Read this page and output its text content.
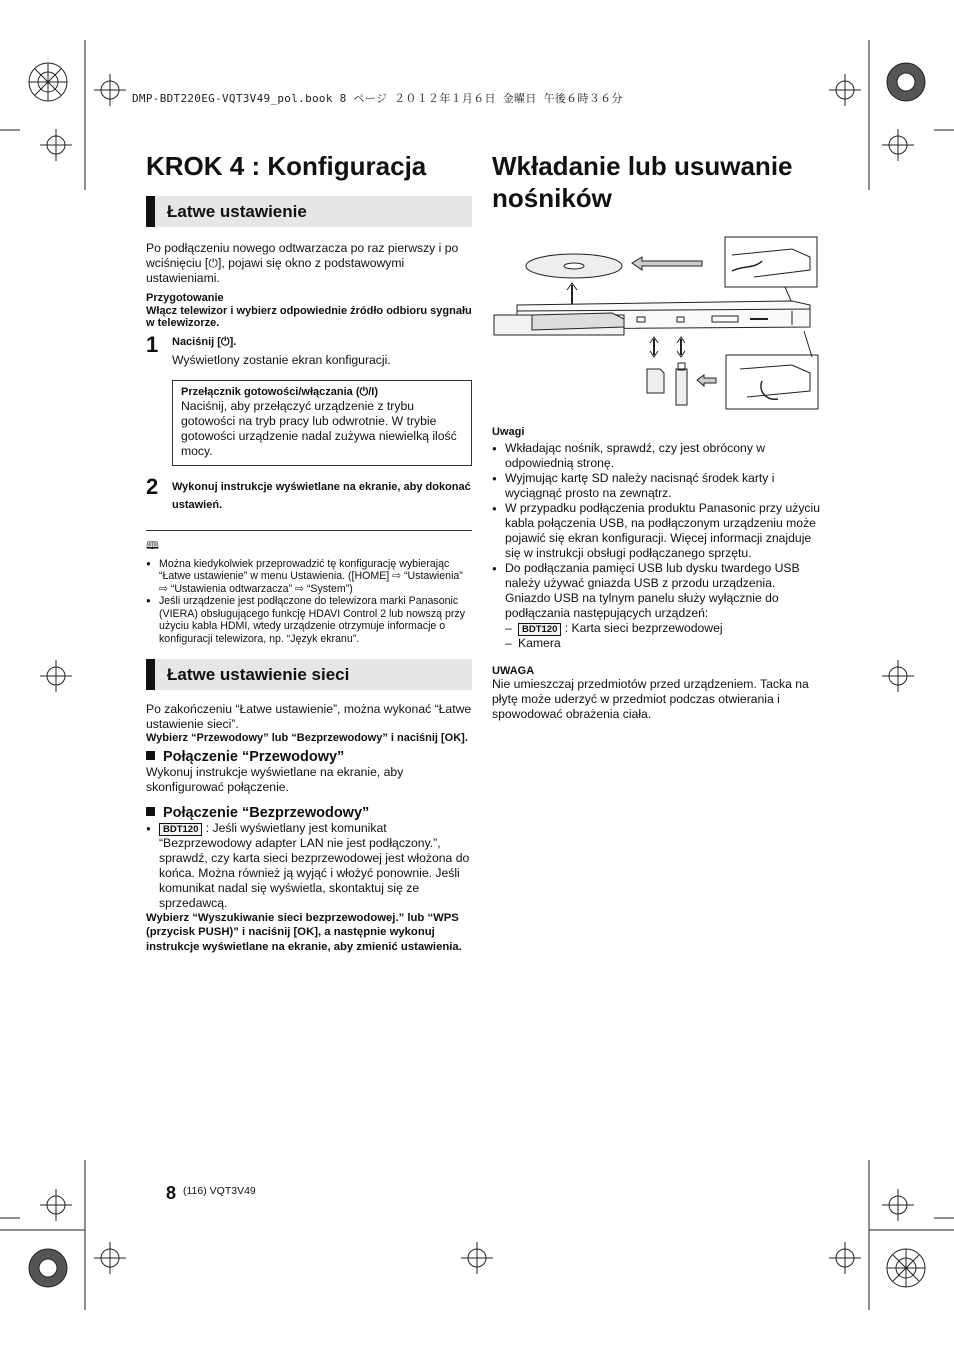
DMP-BDT220EG-VQT3V49_pol.book 8 ページ ２０１２年１月６日 金曜日 午後６時３６分
KROK 4 : Konfiguracja
Łatwe ustawienie

Po podłączeniu nowego odtwarzacza po raz pierwszy i po wciśnięciu [⏻], pojawi się okno z podstawowymi ustawieniami.

Przygotowanie

Włącz telewizor i wybierz odpowiednie źródło odbioru sygnału w telewizorze.

1 Naciśnij [⏻].

Wyświetlony zostanie ekran konfiguracji.

Przełącznik gotowości/włączania (⏻/I)

Naciśnij, aby przełączyć urządzenie z trybu gotowości na tryb pracy lub odwrotnie. W trybie gotowości urządzenie nadal zużywa niewielką ilość mocy.

2 Wykonuj instrukcje wyświetlane na ekranie, aby dokonać ustawień.

🕮
● Można kiedykolwiek przeprowadzić tę konfigurację wybierając “Łatwe ustawienie” w menu Ustawienia. ([HOME] ⇨ “Ustawienia” ⇨ “Ustawienia odtwarzacza” ⇨ “System”)
● Jeśli urządzenie jest podłączone do telewizora marki Panasonic (VIERA) obsługującego funkcję HDAVI Control 2 lub nowszą przy użyciu kabla HDMI, wtedy urządzenie otrzymuje informacje o konfiguracji telewizora, np. “Język ekranu”.
Łatwe ustawienie sieci

Po zakończeniu “Łatwe ustawienie”, można wykonać “Łatwe ustawienie sieci”.

Wybierz “Przewodowy” lub “Bezprzewodowy” i naciśnij [OK].

Połączenie “Przewodowy”

Wykonuj instrukcje wyświetlane na ekranie, aby skonfigurować połączenie.

Połączenie “Bezprzewodowy”
● BDT120 : Jeśli wyświetlany jest komunikat “Bezprzewodowy adapter LAN nie jest podłączony.”, sprawdź, czy karta sieci bezprzewodowej jest włożona do końca. Można również ją wyjąć i włożyć ponownie. Jeśli komunikat nadal się wyświetla, skontaktuj się ze sprzedawcą.

Wybierz “Wyszukiwanie sieci bezprzewodowej.” lub “WPS (przycisk PUSH)” i naciśnij [OK], a następnie wykonuj instrukcje wyświetlane na ekranie, aby zmienić ustawienia.

Wkładanie lub usuwanie nośników

Uwagi

● Wkładając nośnik, sprawdź, czy jest obrócony w odpowiednią stronę.
● Wyjmując kartę SD należy nacisnąć środek karty i wyciągnąć prosto na zewnątrz.
● W przypadku podłączenia produktu Panasonic przy użyciu kabla połączenia USB, na podłączonym urządzeniu może pojawić się ekran konfiguracji. Więcej informacji znajduje się w instrukcji obsługi podłączanego sprzętu.
● Do podłączania pamięci USB lub dysku twardego USB należy używać gniazda USB z przodu urządzenia. Gniazdo USB na tylnym panelu służy wyłącznie do podłączania następujących urządzeń:

– BDT120 : Karta sieci bezprzewodowej

– Kamera

UWAGA

Nie umieszczaj przedmiotów przed urządzeniem. Tacka na płytę może uderzyć w przedmiot podczas otwierania i spowodować obrażenia ciała.

8 (116) VQT3V49
